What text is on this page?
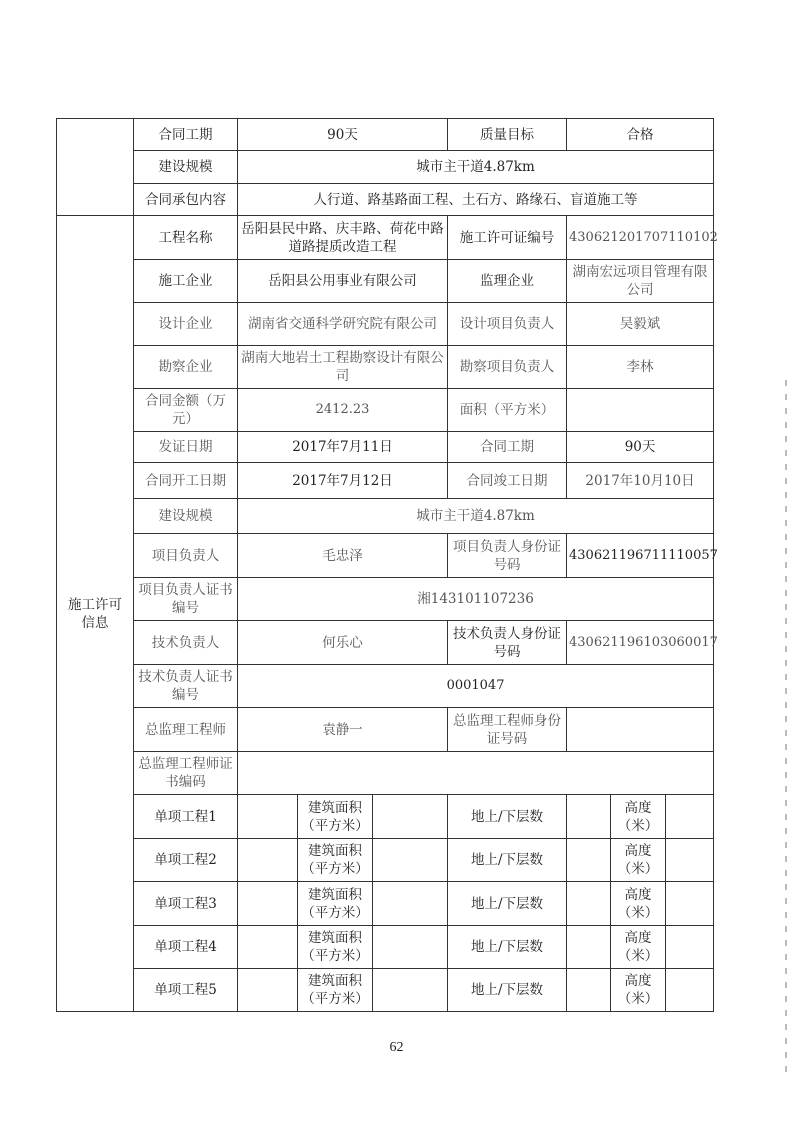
	合同工期	90天			质量目标	合格		
	建设规模	城市主干道4.87km						
	合同承包内容	人行道、路基路面工程、土石方、路缘石、盲道施工等						
施工许可信息	工程名称	岳阳县民中路、庆丰路、荷花中路道路提质改造工程			施工许可证编号	430621201707110102		
	施工企业	岳阳县公用事业有限公司			监理企业	湖南宏远项目管理有限公司		
	设计企业	湖南省交通科学研究院有限公司			设计项目负责人	吴毅斌		
	勘察企业	湖南大地岩土工程勘察设计有限公司			勘察项目负责人	李林		
	合同金额（万元）	2412.23			面积（平方米）			
	发证日期	2017年7月11日			合同工期	90天		
	合同开工日期	2017年7月12日			合同竣工日期	2017年10月10日		
	建设规模	城市主干道4.87km						
	项目负责人	毛忠泽			项目负责人身份证号码	430621196711110057		
	项目负责人证书编号	湘143101107236						
	技术负责人	何乐心			技术负责人身份证号码	430621196103060017		
	技术负责人证书编号	0001047						
	总监理工程师	袁静一			总监理工程师身份证号码			
	总监理工程师证书编码							
	单项工程1		建筑面积（平方米）		地上/下层数		高度（米）	
	单项工程2		建筑面积（平方米）		地上/下层数		高度（米）	
	单项工程3		建筑面积（平方米）		地上/下层数		高度（米）	
	单项工程4		建筑面积（平方米）		地上/下层数		高度（米）	
	单项工程5		建筑面积（平方米）		地上/下层数		高度（米）	
62
